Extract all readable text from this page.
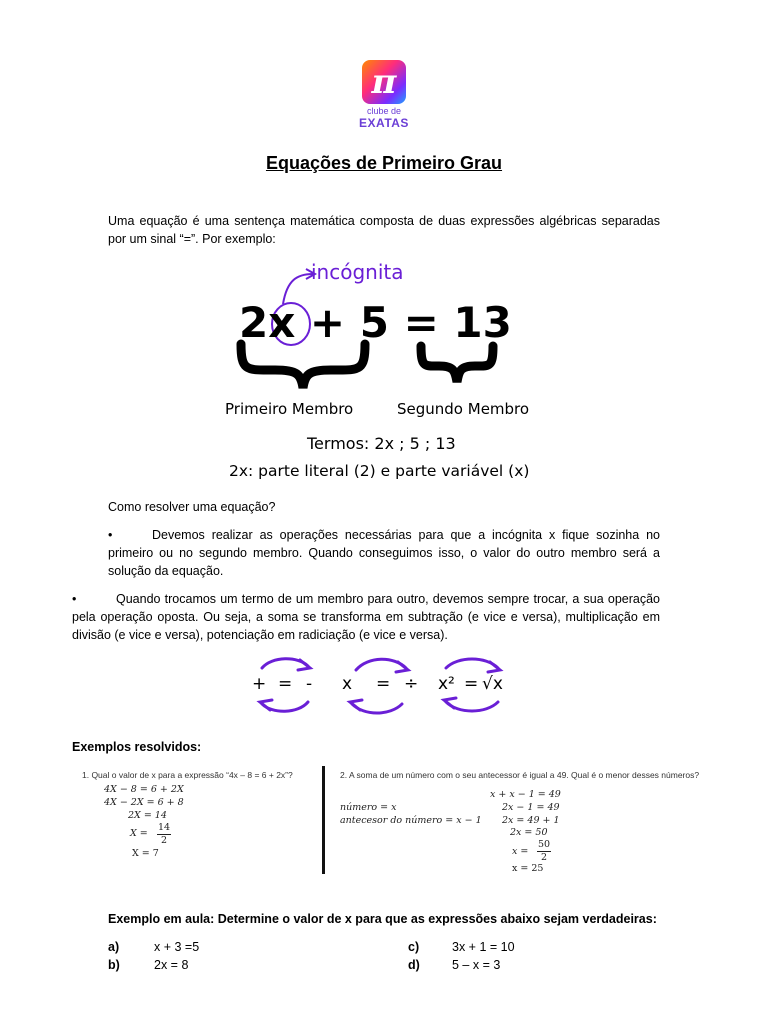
π
clube de
EXATAS
Equações de Primeiro Grau
Uma equação é uma sentença matemática composta de duas expressões algébricas separadas por um sinal “=”. Por exemplo:
incógnita
2x + 5 = 13
Primeiro Membro	Segundo Membro
Termos: 2x ; 5 ; 13
2x: parte literal (2) e parte variável (x)
Como resolver uma equação?
•	Devemos realizar as operações necessárias para que a incógnita x fique sozinha no primeiro ou no segundo membro. Quando conseguimos isso, o valor do outro membro será a solução da equação.
•	Quando trocamos um termo de um membro para outro, devemos sempre trocar, a sua operação pela operação oposta. Ou seja, a soma se transforma em subtração (e vice e versa), multiplicação em divisão (e vice e versa), potenciação em radiciação (e vice e versa).
+ = - x = ÷ x² = √x
Exemplos resolvidos:
1. Qual o valor de x para a expressão “4x – 8 = 6 + 2x”?
4X − 8 = 6 + 2X
4X − 2X = 6 + 8
2X = 14
X =
14
2
X = 7
2. A soma de um número com o seu antecessor é igual a 49. Qual é o menor desses números?
número = x
antecesor do número = x − 1
x + x − 1 = 49
2x − 1 = 49
2x = 49 + 1
2x = 50
x =
50
2
x = 25
Exemplo em aula: Determine o valor de x para que as expressões abaixo sejam verdadeiras:
a)	x + 3 =5
b)	2x = 8
c)	3x + 1 = 10
d)	5 – x = 3
